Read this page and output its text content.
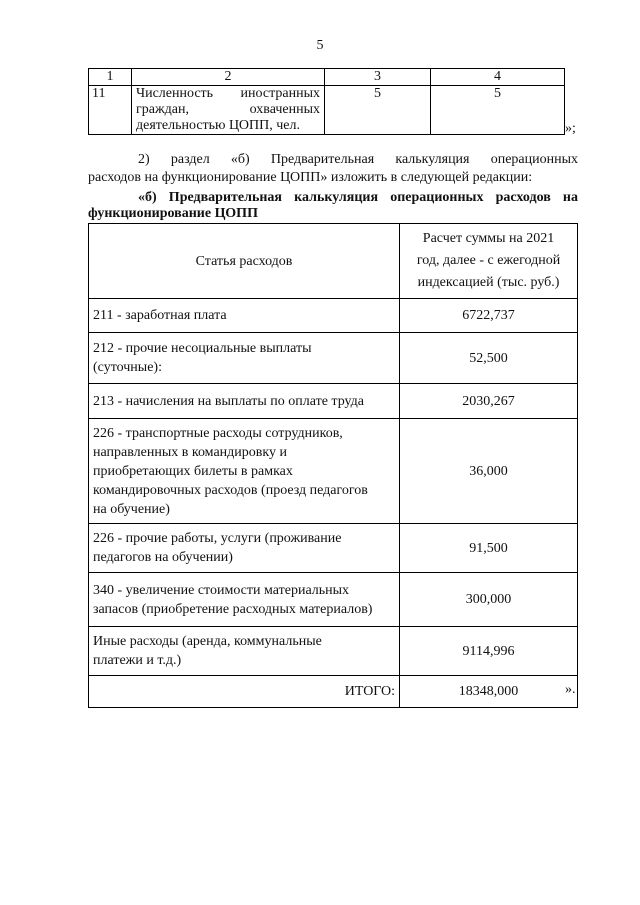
5
1	2	3	4
11	Численность иностранных
граждан, охваченных
деятельностью ЦОПП, чел.	5	5
»;
2) раздел «б) Предварительная калькуляция операционных
расходов на функционирование ЦОПП» изложить в следующей редакции:
«б) Предварительная калькуляция операционных расходов на
функционирование ЦОПП
Статья расходов	Расчет суммы на 2021
год, далее - с ежегодной
индексацией (тыс. руб.)

211 - заработная плата	6722,737

212 - прочие несоциальные выплаты
(суточные):	52,500

213 - начисления на выплаты по оплате труда	2030,267

226 - транспортные расходы сотрудников,
направленных в командировку и
приобретающих билеты в рамках
командировочных расходов (проезд педагогов
на обучение)	36,000

226 - прочие работы, услуги (проживание
педагогов на обучении)	91,500

340 - увеличение стоимости материальных
запасов (приобретение расходных материалов)	300,000

Иные расходы (аренда, коммунальные
платежи и т.д.)	9114,996
ИТОГО:	18348,000	».
